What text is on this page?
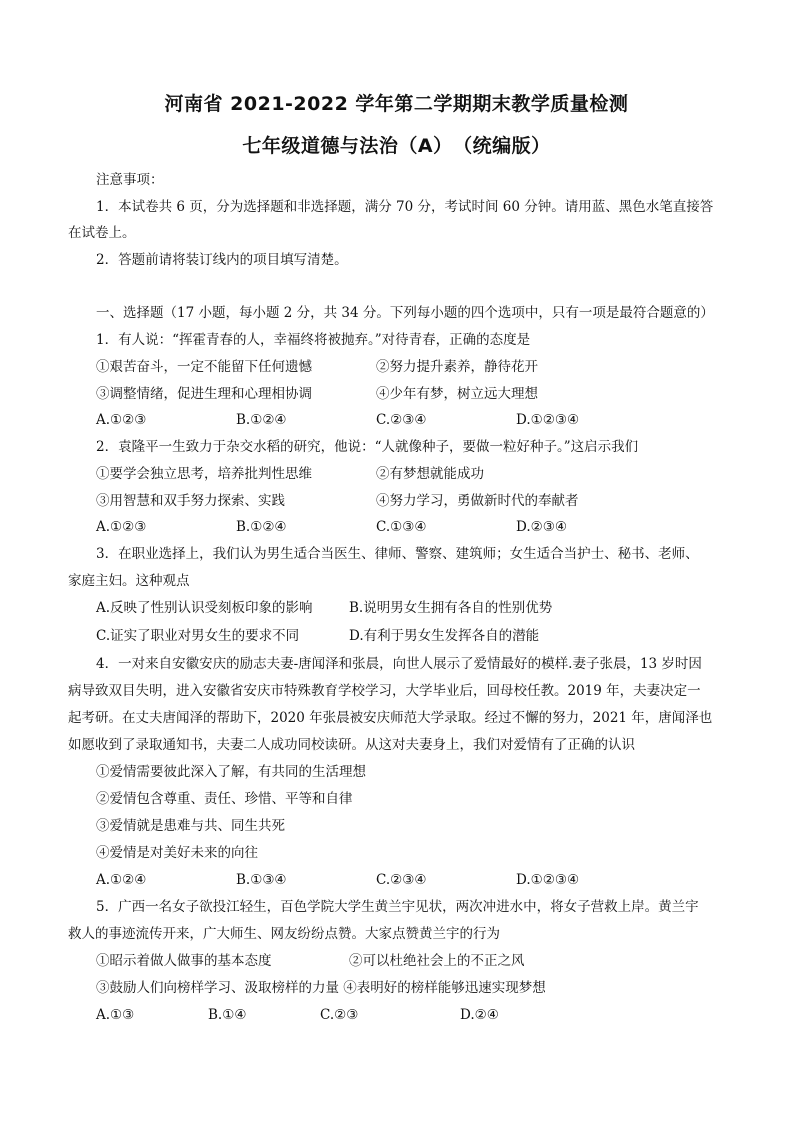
河南省 2021-2022 学年第二学期期末教学质量检测
七年级道德与法治（A）　（统编版）
注意事项：
1．本试卷共 6 页，分为选择题和非选择题，满分 70 分，考试时间 60 分钟。请用蓝、黑色水笔直接答
在试卷上。
2．答题前请将装订线内的项目填写清楚。
一、选择题（17 小题，每小题 2 分，共 34 分。下列每小题的四个选项中，只有一项是最符合题意的）
1．有人说：“挥霍青春的人，幸福终将被抛弃。”对待青春，正确的态度是
①艰苦奋斗，一定不能留下任何遗憾	②努力提升素养，静待花开
③调整情绪，促进生理和心理相协调	④少年有梦，树立远大理想
A.①②③	B.①②④	C.②③④	D.①②③④
2．袁隆平一生致力于杂交水稻的研究，他说：“人就像种子，要做一粒好种子。”这启示我们
①要学会独立思考，培养批判性思维	②有梦想就能成功
③用智慧和双手努力探索、实践	④努力学习，勇做新时代的奉献者
A.①②③	B.①②④	C.①③④	D.②③④
3．在职业选择上，我们认为男生适合当医生、律师、警察、建筑师；女生适合当护士、秘书、老师、
家庭主妇。这种观点
A.反映了性别认识受刻板印象的影响	B.说明男女生拥有各自的性别优势
C.证实了职业对男女生的要求不同	D.有利于男女生发挥各自的潜能
4．一对来自安徽安庆的励志夫妻-唐闻泽和张晨，向世人展示了爱情最好的模样.妻子张晨，13 岁时因
病导致双目失明，进入安徽省安庆市特殊教育学校学习，大学毕业后，回母校任教。2019 年，夫妻决定一
起考研。在丈夫唐闻泽的帮助下，2020 年张晨被安庆师范大学录取。经过不懈的努力，2021 年，唐闻泽也
如愿收到了录取通知书，夫妻二人成功同校读研。从这对夫妻身上，我们对爱情有了正确的认识
①爱情需要彼此深入了解，有共同的生活理想
②爱情包含尊重、责任、珍惜、平等和自律
③爱情就是患难与共、同生共死
④爱情是对美好未来的向往
A.①②④	B.①③④	C.②③④	D.①②③④
5．广西一名女子欲投江轻生，百色学院大学生黄兰宇见状，两次冲进水中，将女子营救上岸。黄兰宇
救人的事迹流传开来，广大师生、网友纷纷点赞。大家点赞黄兰宇的行为
①昭示着做人做事的基本态度	②可以杜绝社会上的不正之风
③鼓励人们向榜样学习、汲取榜样的力量 ④表明好的榜样能够迅速实现梦想
A.①③	B.①④	C.②③	D.②④
